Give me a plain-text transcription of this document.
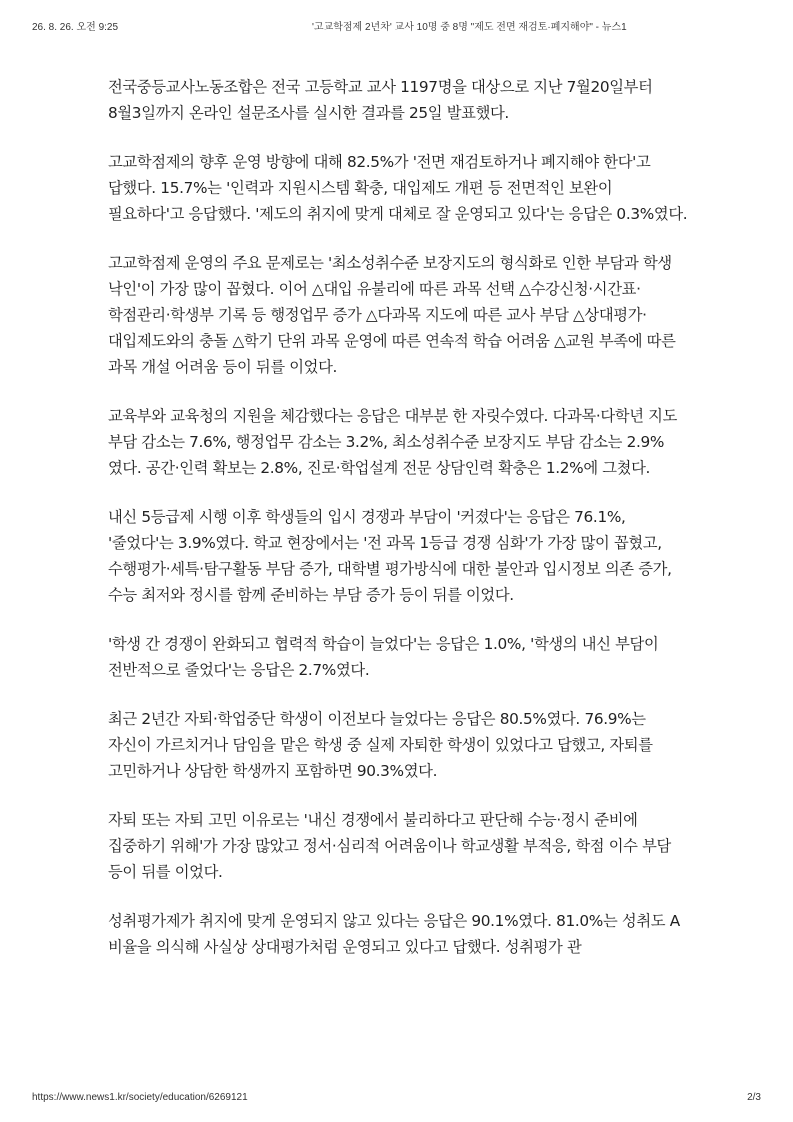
26. 8. 26. 오전 9:25	'고교학점제 2년차' 교사 10명 중 8명 "제도 전면 재검토·폐지해야" - 뉴스1

전국중등교사노동조합은 전국 고등학교 교사 1197명을 대상으로 지난 7월20일부터 8월3일까지 온라인 설문조사를 실시한 결과를 25일 발표했다.

고교학점제의 향후 운영 방향에 대해 82.5%가 '전면 재검토하거나 폐지해야 한다'고 답했다. 15.7%는 '인력과 지원시스템 확충, 대입제도 개편 등 전면적인 보완이 필요하다'고 응답했다. '제도의 취지에 맞게 대체로 잘 운영되고 있다'는 응답은 0.3%였다.

고교학점제 운영의 주요 문제로는 '최소성취수준 보장지도의 형식화로 인한 부담과 학생 낙인'이 가장 많이 꼽혔다. 이어 △대입 유불리에 따른 과목 선택 △수강신청·시간표·학점관리·학생부 기록 등 행정업무 증가 △다과목 지도에 따른 교사 부담 △상대평가·대입제도와의 충돌 △학기 단위 과목 운영에 따른 연속적 학습 어려움 △교원 부족에 따른 과목 개설 어려움 등이 뒤를 이었다.

교육부와 교육청의 지원을 체감했다는 응답은 대부분 한 자릿수였다. 다과목·다학년 지도 부담 감소는 7.6%, 행정업무 감소는 3.2%, 최소성취수준 보장지도 부담 감소는 2.9%였다. 공간·인력 확보는 2.8%, 진로·학업설계 전문 상담인력 확충은 1.2%에 그쳤다.

내신 5등급제 시행 이후 학생들의 입시 경쟁과 부담이 '커졌다'는 응답은 76.1%, '줄었다'는 3.9%였다. 학교 현장에서는 '전 과목 1등급 경쟁 심화'가 가장 많이 꼽혔고, 수행평가·세특·탐구활동 부담 증가, 대학별 평가방식에 대한 불안과 입시정보 의존 증가, 수능 최저와 정시를 함께 준비하는 부담 증가 등이 뒤를 이었다.

'학생 간 경쟁이 완화되고 협력적 학습이 늘었다'는 응답은 1.0%, '학생의 내신 부담이 전반적으로 줄었다'는 응답은 2.7%였다.

최근 2년간 자퇴·학업중단 학생이 이전보다 늘었다는 응답은 80.5%였다. 76.9%는 자신이 가르치거나 담임을 맡은 학생 중 실제 자퇴한 학생이 있었다고 답했고, 자퇴를 고민하거나 상담한 학생까지 포함하면 90.3%였다.

자퇴 또는 자퇴 고민 이유로는 '내신 경쟁에서 불리하다고 판단해 수능·정시 준비에 집중하기 위해'가 가장 많았고 정서·심리적 어려움이나 학교생활 부적응, 학점 이수 부담 등이 뒤를 이었다.

성취평가제가 취지에 맞게 운영되지 않고 있다는 응답은 90.1%였다. 81.0%는 성취도 A 비율을 의식해 사실상 상대평가처럼 운영되고 있다고 답했다. 성취평가 관

https://www.news1.kr/society/education/6269121	2/3
